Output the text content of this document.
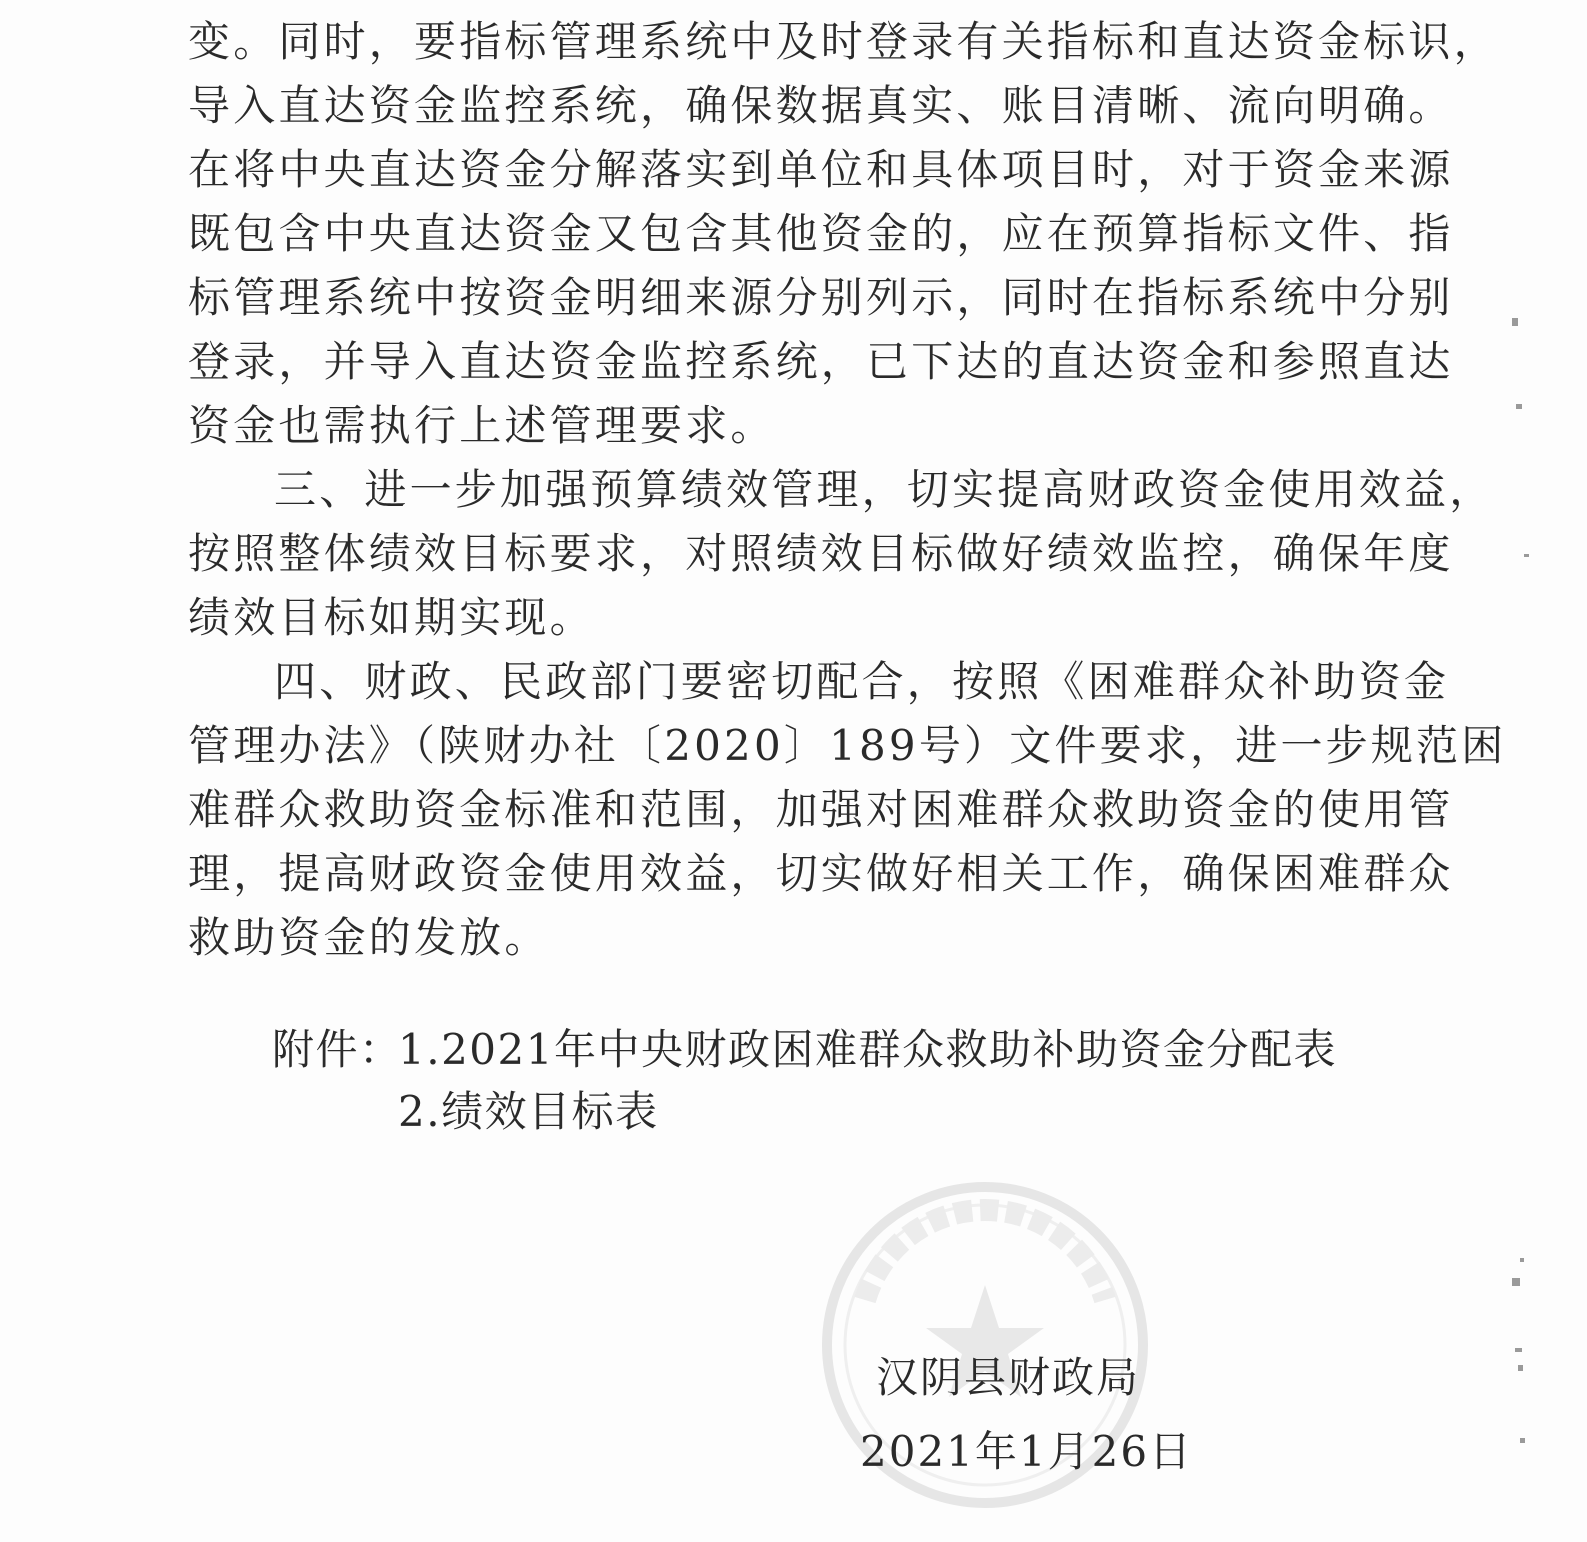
变。同时，要指标管理系统中及时登录有关指标和直达资金标识，
导入直达资金监控系统，确保数据真实、账目清晰、流向明确。
在将中央直达资金分解落实到单位和具体项目时，对于资金来源
既包含中央直达资金又包含其他资金的，应在预算指标文件、指
标管理系统中按资金明细来源分别列示，同时在指标系统中分别
登录，并导入直达资金监控系统，已下达的直达资金和参照直达
资金也需执行上述管理要求。
三、进一步加强预算绩效管理，切实提高财政资金使用效益，
按照整体绩效目标要求，对照绩效目标做好绩效监控，确保年度
绩效目标如期实现。
四、财政、民政部门要密切配合，按照《困难群众补助资金
管理办法》（陕财办社〔2020〕189号）文件要求，进一步规范困
难群众救助资金标准和范围，加强对困难群众救助资金的使用管
理，提高财政资金使用效益，切实做好相关工作，确保困难群众
救助资金的发放。
附件：
1.2021年中央财政困难群众救助补助资金分配表
2.绩效目标表
汉阴县财政局
2021年1月26日
